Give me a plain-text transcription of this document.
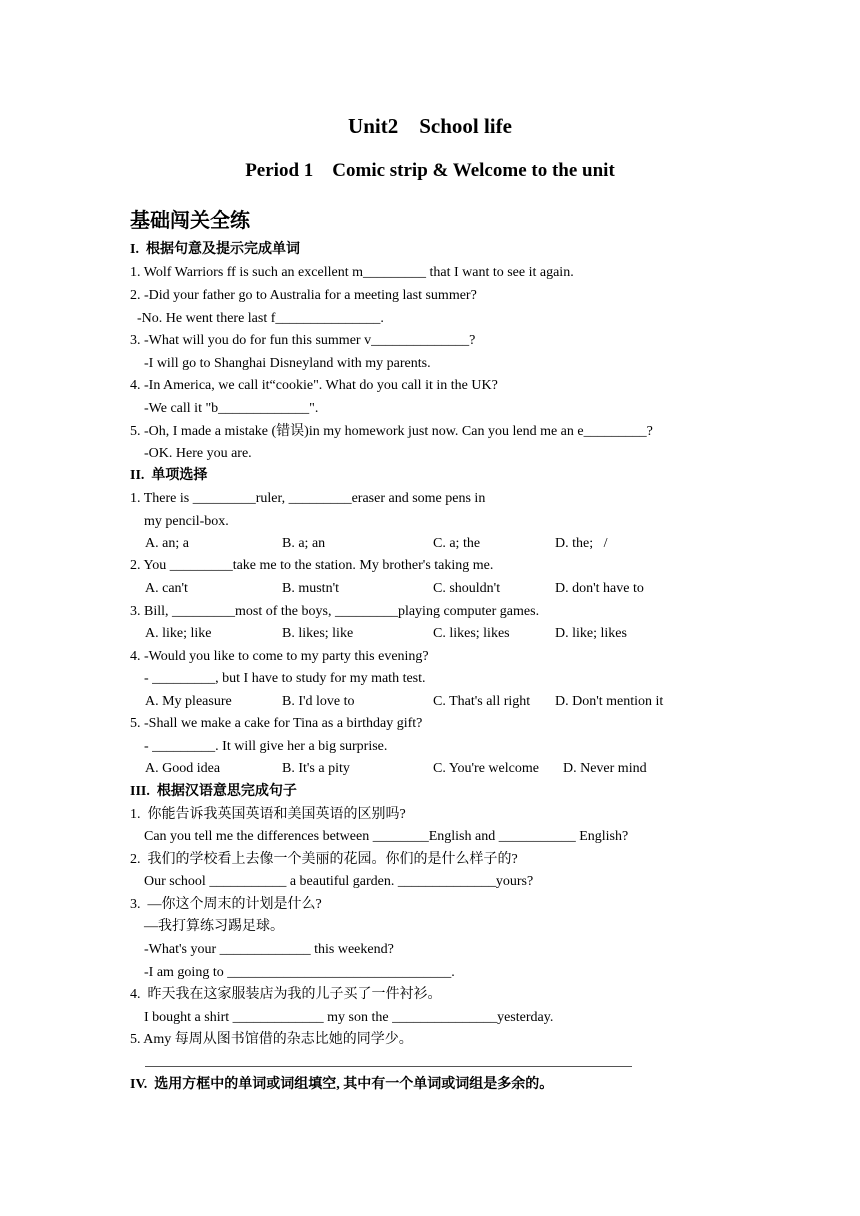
Unit2    School life
Period 1    Comic strip & Welcome to the unit
基础闯关全练
I.  根据句意及提示完成单词
1. Wolf Warriors ff is such an excellent m_________ that I want to see it again.
2. -Did your father go to Australia for a meeting last summer?
-No. He went there last f_______________.
3. -What will you do for fun this summer v______________?
-I will go to Shanghai Disneyland with my parents.
4. -In America, we call it“cookie". What do you call it in the UK?
-We call it "b_____________".
5. -Oh, I made a mistake (错误)in my homework just now. Can you lend me an e_________?
-OK. Here you are.
II.  单项选择
1. There is _________ruler, _________eraser and some pens in
my pencil-box.
A. an; a	B. a; an	C. a; the	D. the;   /
2. You _________take me to the station. My brother's taking me.
A. can't	B. mustn't	C. shouldn't	D. don't have to
3. Bill, _________most of the boys, _________playing computer games.
A. like; like	B. likes; like	C. likes; likes	D. like; likes
4. -Would you like to come to my party this evening?
- _________, but I have to study for my math test.
A. My pleasure	B. I'd love to	C. That's all right D. Don't mention it
5. -Shall we make a cake for Tina as a birthday gift?
- _________. It will give her a big surprise.
A. Good idea	B. It's a pity	C. You're welcome D. Never mind
III.  根据汉语意思完成句子
1.  你能告诉我英国英语和美国英语的区别吗?
Can you tell me the differences between ________English and ___________ English?
2.  我们的学校看上去像一个美丽的花园。你们的是什么样子的?
Our school ___________ a beautiful garden. ______________yours?
3.  —你这个周末的计划是什么?
—我打算练习踢足球。
-What's your _____________ this weekend?
-I am going to ________________________________.
4.  昨天我在这家服装店为我的儿子买了一件衬衫。
I bought a shirt _____________ my son the _______________yesterday.
5. Amy 每周从图书馆借的杂志比她的同学少。
IV.  选用方框中的单词或词组填空, 其中有一个单词或词组是多余的。
